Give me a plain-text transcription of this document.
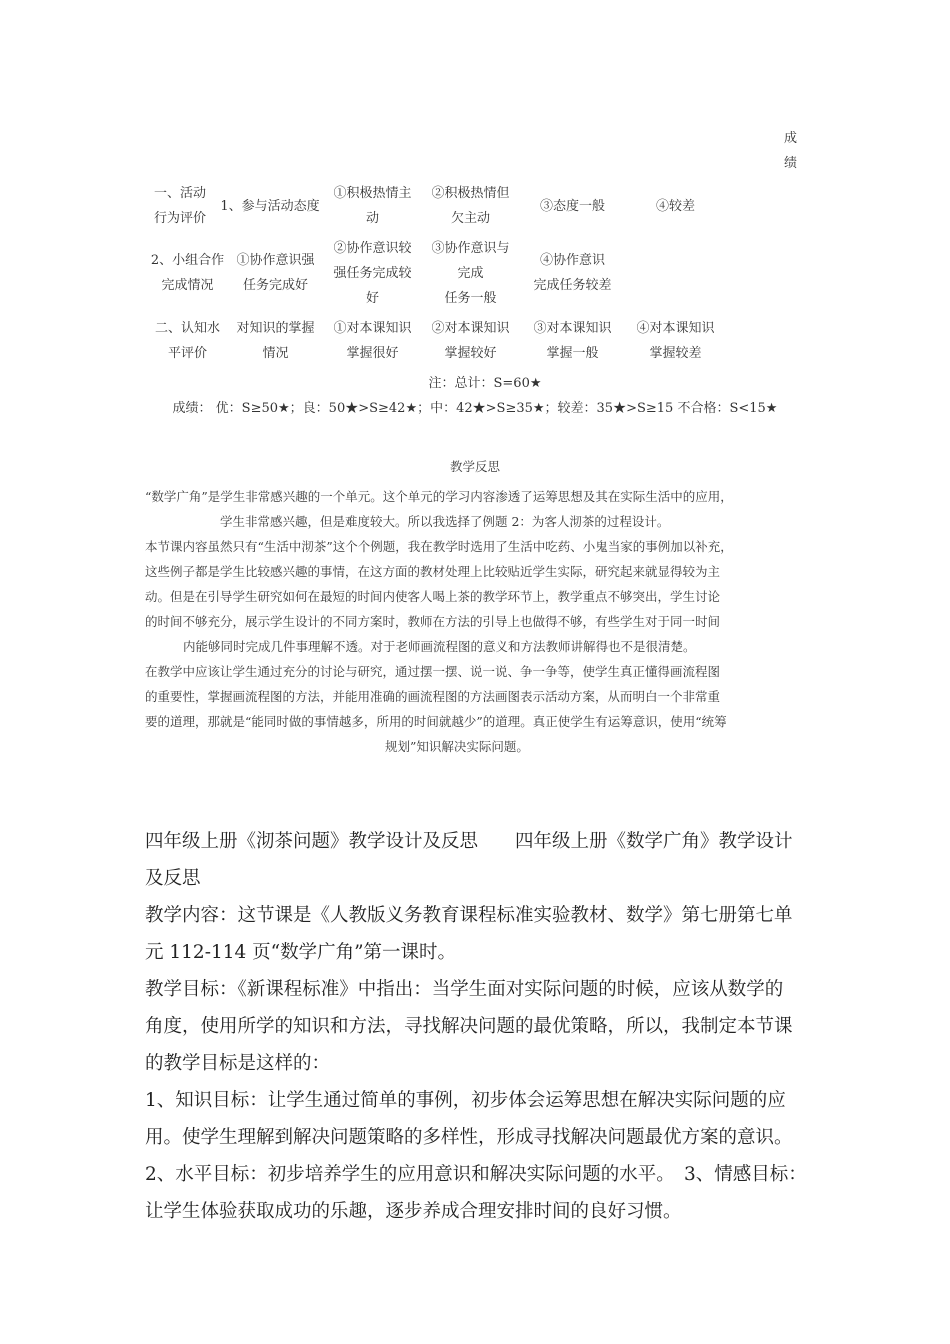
成
绩
一、活动
行为评价
1、参与活动态度
①积极热情主
动
②积极热情但
欠主动
③态度一般	④较差
2、小组合作
完成情况
①协作意识强
任务完成好
②协作意识较
强任务完成较
好
③协作意识与
完成
任务一般
④协作意识
完成任务较差
二、认知水
平评价
对知识的掌握
情况
①对本课知识
掌握很好
②对本课知识
掌握较好
③对本课知识
掌握一般
④对本课知识
掌握较差
注：总计：S=60★
成绩： 优：S≥50★；良：50★>S≥42★；中：42★>S≥35★；较差：35★>S≥15 不合格：S<15★
教学反思
“数学广角”是学生非常感兴趣的一个单元。这个单元的学习内容渗透了运筹思想及其在实际生活中的应用，
学生非常感兴趣，但是难度较大。所以我选择了例题 2：为客人沏茶的过程设计。
本节课内容虽然只有“生活中沏茶”这个个例题，我在教学时选用了生活中吃药、小鬼当家的事例加以补充，
这些例子都是学生比较感兴趣的事情，在这方面的教材处理上比较贴近学生实际，研究起来就显得较为主
动。但是在引导学生研究如何在最短的时间内使客人喝上茶的教学环节上，教学重点不够突出，学生讨论
的时间不够充分，展示学生设计的不同方案时，教师在方法的引导上也做得不够，有些学生对于同一时间
内能够同时完成几件事理解不透。对于老师画流程图的意义和方法教师讲解得也不是很清楚。
在教学中应该让学生通过充分的讨论与研究，通过摆一摆、说一说、争一争等，使学生真正懂得画流程图
的重要性，掌握画流程图的方法，并能用准确的画流程图的方法画图表示活动方案，从而明白一个非常重
要的道理，那就是“能同时做的事情越多，所用的时间就越少”的道理。真正使学生有运筹意识，使用“统筹
规划”知识解决实际问题。
四年级上册《沏茶问题》教学设计及反思　　四年级上册《数学广角》教学设计
及反思
教学内容：这节课是《人教版义务教育课程标准实验教材、数学》第七册第七单
元 112-114 页“数学广角”第一课时。
教学目标：《新课程标准》中指出：当学生面对实际问题的时候，应该从数学的
角度，使用所学的知识和方法，寻找解决问题的最优策略，所以，我制定本节课
的教学目标是这样的：
1、知识目标：让学生通过简单的事例，初步体会运筹思想在解决实际问题的应
用。使学生理解到解决问题策略的多样性，形成寻找解决问题最优方案的意识。
2、水平目标：初步培养学生的应用意识和解决实际问题的水平。　3、情感目标：
让学生体验获取成功的乐趣，逐步养成合理安排时间的良好习惯。
